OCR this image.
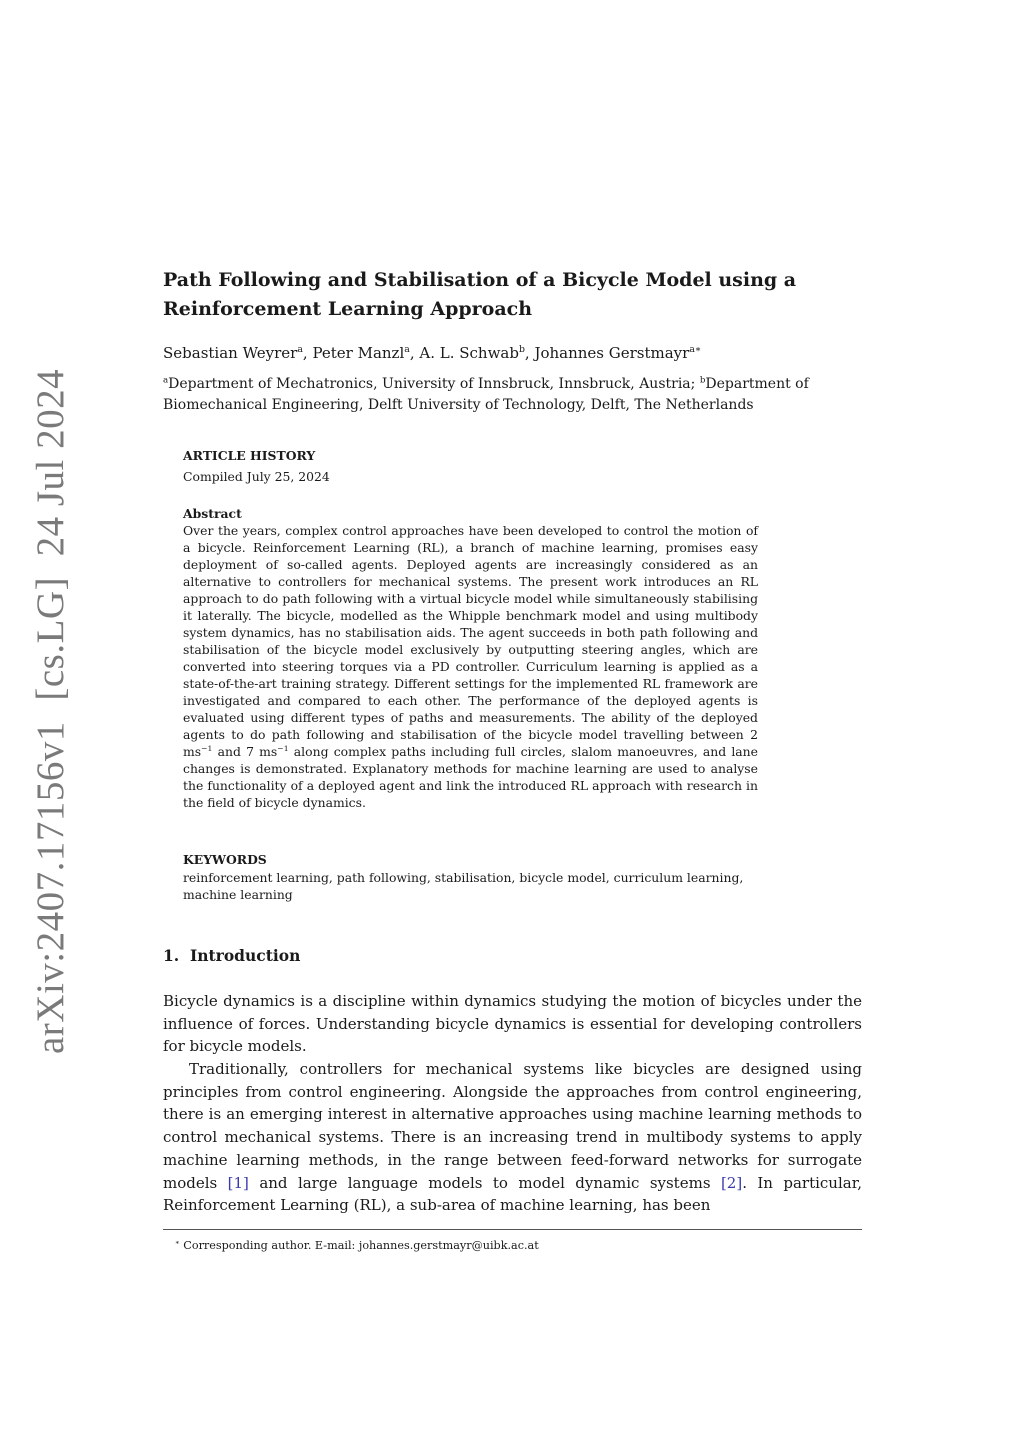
arXiv:2407.17156v1  [cs.LG]  24 Jul 2024
Path Following and Stabilisation of a Bicycle Model using a
Reinforcement Learning Approach
Sebastian Weyrer$^a$, Peter Manzl$^a$, A. L. Schwab$^b$, Johannes Gerstmayr$^{a∗}$
$^a$Department of Mechatronics, University of Innsbruck, Innsbruck, Austria; $^b$Department of Biomechanical Engineering, Delft University of Technology, Delft, The Netherlands
ARTICLE HISTORY
Compiled July 25, 2024
Abstract
Over the years, complex control approaches have been developed to control the motion of a bicycle. Reinforcement Learning (RL), a branch of machine learning, promises easy deployment of so-called agents. Deployed agents are increasingly considered as an alternative to controllers for mechanical systems. The present work introduces an RL approach to do path following with a virtual bicycle model while simultaneously stabilising it laterally. The bicycle, modelled as the Whipple benchmark model and using multibody system dynamics, has no stabilisation aids. The agent succeeds in both path following and stabilisation of the bicycle model exclusively by outputting steering angles, which are converted into steering torques via a PD controller. Curriculum learning is applied as a state-of-the-art training strategy. Different settings for the implemented RL framework are investigated and compared to each other. The performance of the deployed agents is evaluated using different types of paths and measurements. The ability of the deployed agents to do path following and stabilisation of the bicycle model travelling between 2 $ms^{-1}$ and 7 $ms^{-1}$ along complex paths including full circles, slalom manoeuvres, and lane changes is demonstrated. Explanatory methods for machine learning are used to analyse the functionality of a deployed agent and link the introduced RL approach with research in the field of bicycle dynamics.
KEYWORDS
reinforcement learning, path following, stabilisation, bicycle model, curriculum learning, machine learning
1. Introduction
Bicycle dynamics is a discipline within dynamics studying the motion of bicycles under the influence of forces. Understanding bicycle dynamics is essential for developing controllers for bicycle models.
Traditionally, controllers for mechanical systems like bicycles are designed using principles from control engineering. Alongside the approaches from control engineering, there is an emerging interest in alternative approaches using machine learning methods to control mechanical systems. There is an increasing trend in multibody systems to apply machine learning methods, in the range between feed-forward networks for surrogate models [1] and large language models to model dynamic systems [2]. In particular, Reinforcement Learning (RL), a sub-area of machine learning, has been
∗ Corresponding author. E-mail: johannes.gerstmayr@uibk.ac.at
